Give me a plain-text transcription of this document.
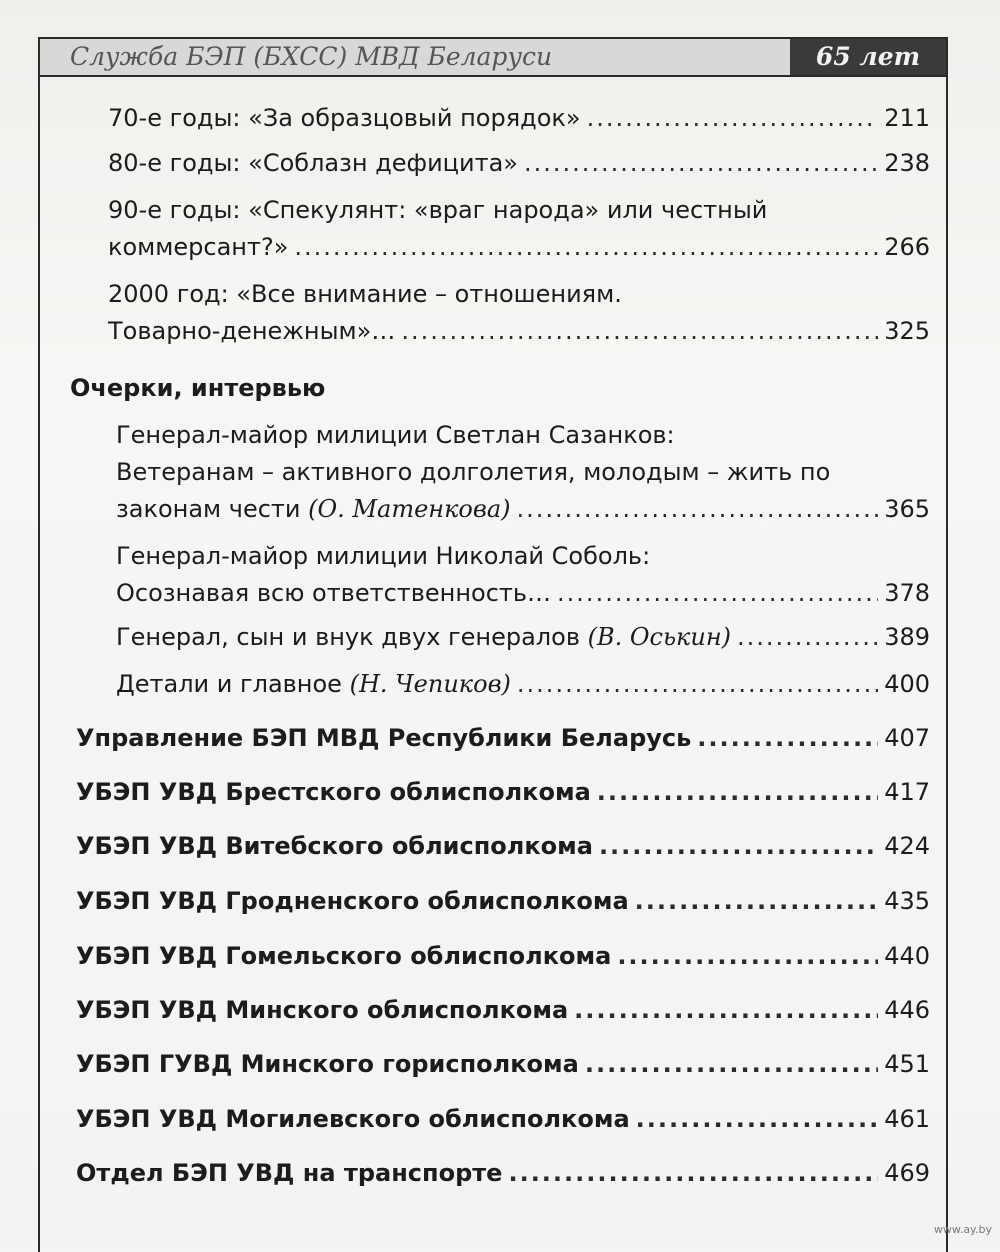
Служба БЭП (БХСС) МВД Беларуси	65 лет
70-е годы: «За образцовый порядок» .....	211
80-е годы: «Соблазн дефицита» .....	238
90-е годы: «Спекулянт: «враг народа» или честный
коммерсант?» .....	266
2000 год: «Все внимание – отношениям.
Товарно-денежным»… .....	325
Очерки, интервью
Генерал-майор милиции Светлан Сазанков:
Ветеранам – активного долголетия, молодым – жить по
законам чести (О. Матенкова) .....	365
Генерал-майор милиции Николай Соболь:
Осознавая всю ответственность… .....	378
Генерал, сын и внук двух генералов (В. Оськин) .....	389
Детали и главное (Н. Чепиков) .....	400
Управление БЭП МВД Республики Беларусь .....	407
УБЭП УВД Брестского облисполкома .....	417
УБЭП УВД Витебского облисполкома .....	424
УБЭП УВД Гродненского облисполкома .....	435
УБЭП УВД Гомельского облисполкома .....	440
УБЭП УВД Минского облисполкома .....	446
УБЭП ГУВД Минского горисполкома .....	451
УБЭП УВД Могилевского облисполкома .....	461
Отдел БЭП УВД на транспорте .....	469
www.ay.by
